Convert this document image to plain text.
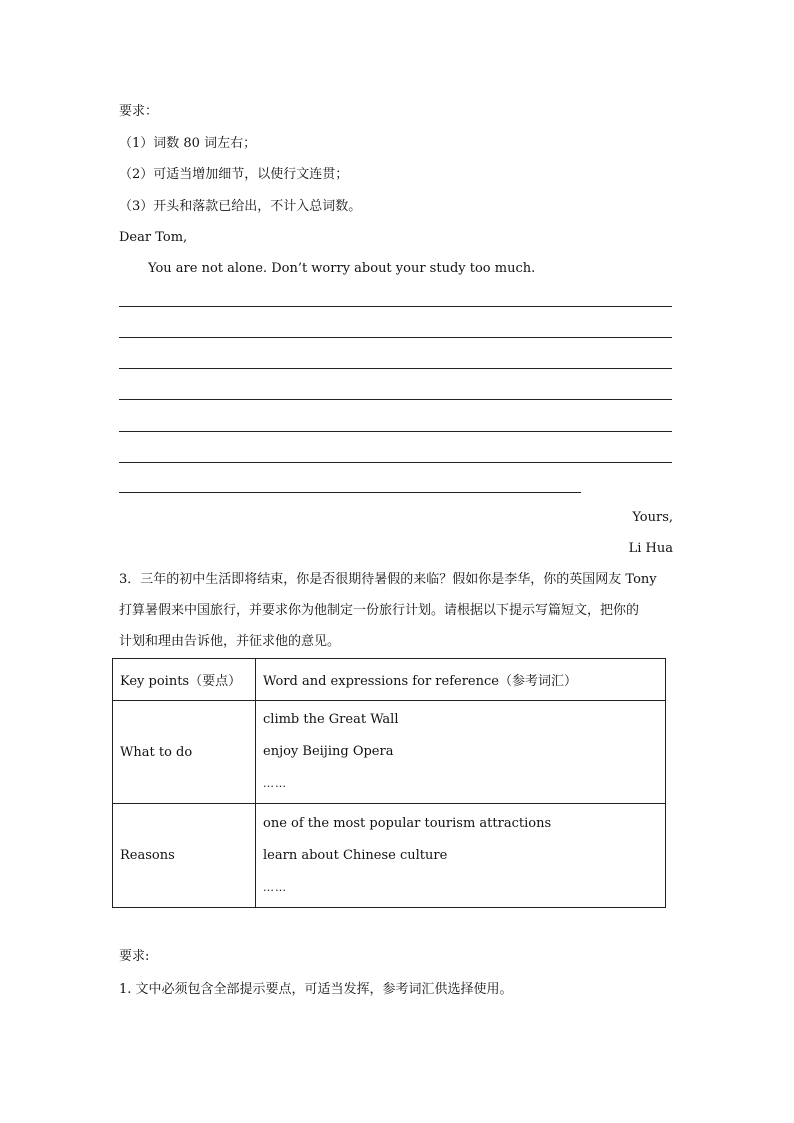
要求：
（1）词数 80 词左右；
（2）可适当增加细节，以使行文连贯；
（3）开头和落款已给出，不计入总词数。
Dear Tom,
You are not alone. Don’t worry about your study too much.
Yours,
Li Hua
3．三年的初中生活即将结束，你是否很期待暑假的来临？假如你是李华，你的英国网友 Tony
打算暑假来中国旅行，并要求你为他制定一份旅行计划。请根据以下提示写篇短文，把你的
计划和理由告诉他，并征求他的意见。
Key points（要点）	Word and expressions for reference（参考词汇）
What to do	climb the Great Wall
enjoy Beijing Opera
……

Reasons	one of the most popular tourism attractions
learn about Chinese culture
……
要求:
1. 文中必须包含全部提示要点，可适当发挥，参考词汇供选择使用。
